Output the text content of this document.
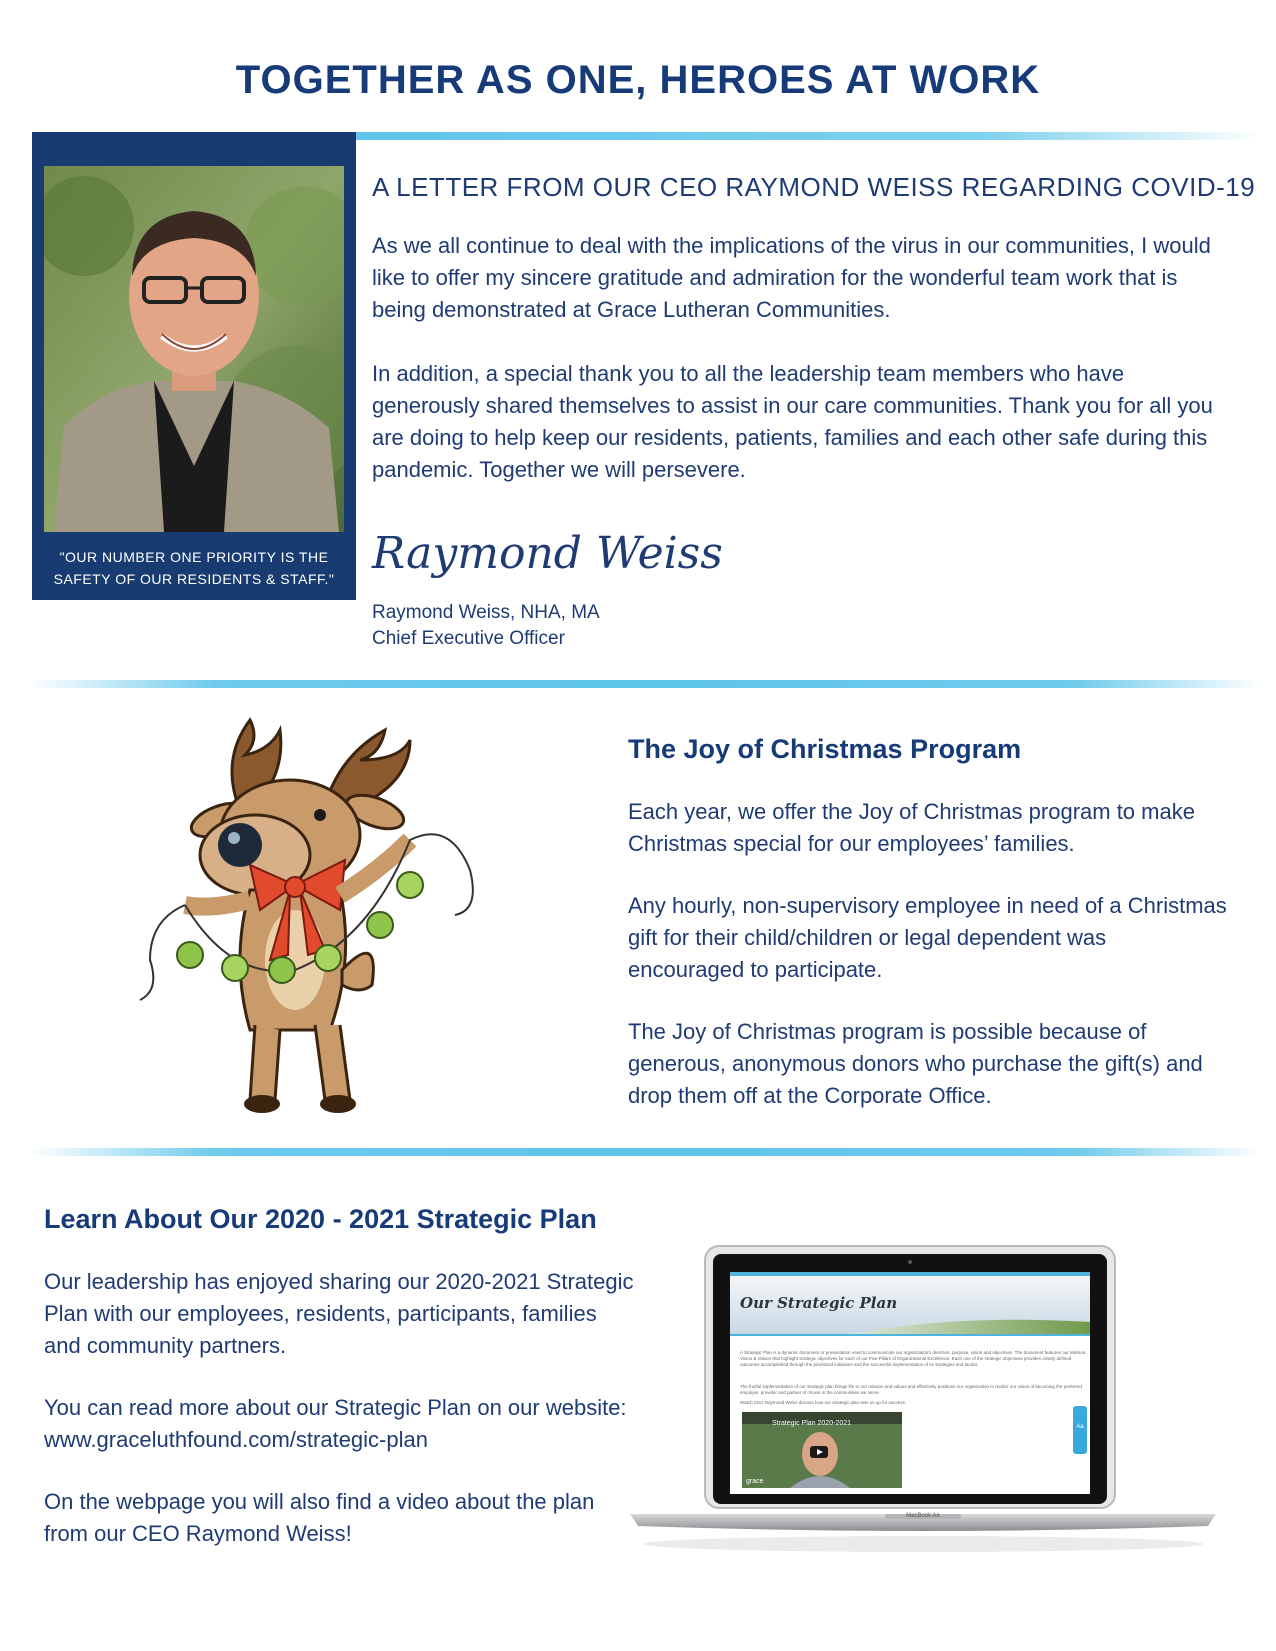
TOGETHER AS ONE, HEROES AT WORK
"OUR NUMBER ONE PRIORITY IS THE
SAFETY OF OUR RESIDENTS & STAFF."
A LETTER FROM OUR CEO RAYMOND WEISS REGARDING COVID-19

As we all continue to deal with the implications of the virus in our communities, I would like to offer my sincere gratitude and admiration for the wonderful team work that is being demonstrated at Grace Lutheran Communities.

In addition, a special thank you to all the leadership team members who have generously shared themselves to assist in our care communities. Thank you for all you are doing to help keep our residents, patients, families and each other safe during this pandemic. Together we will persevere.

Raymond Weiss
Raymond Weiss, NHA, MA
Chief Executive Officer
The Joy of Christmas Program

Each year, we offer the Joy of Christmas program to make Christmas special for our employees’ families.

Any hourly, non-supervisory employee in need of a Christmas gift for their child/children or legal dependent was encouraged to participate.

The Joy of Christmas program is possible because of generous, anonymous donors who purchase the gift(s) and drop them off at the Corporate Office.

Learn About Our 2020 - 2021 Strategic Plan

Our leadership has enjoyed sharing our 2020-2021 Strategic Plan with our employees, residents, participants, families and community partners.

You can read more about our Strategic Plan on our website: www.graceluthfound.com/strategic-plan

On the webpage you will also find a video about the plan from our CEO Raymond Weiss!

Our Strategic Plan
A Strategic Plan is a dynamic document or presentation used to communicate our organization's direction, purpose, vision and objectives. The document features our Mission, Vision & Values that highlight strategic objectives for each of our Five Pillars of Organizational Excellence. Each one of the strategic objectives provides clearly defined outcomes accomplished through the prioritized initiatives and the successful implementation of its strategies and tactics.
The fruitful implementation of our strategic plan brings life to our mission and values and effectively positions our organization to realize our vision of becoming the preferred employer, provider and partner of choice in the communities we serve.
Watch CEO Raymond Weiss discuss how our strategic plan sets us up for success.
Strategic Plan 2020-2021
grace
Aa
MacBook Air
